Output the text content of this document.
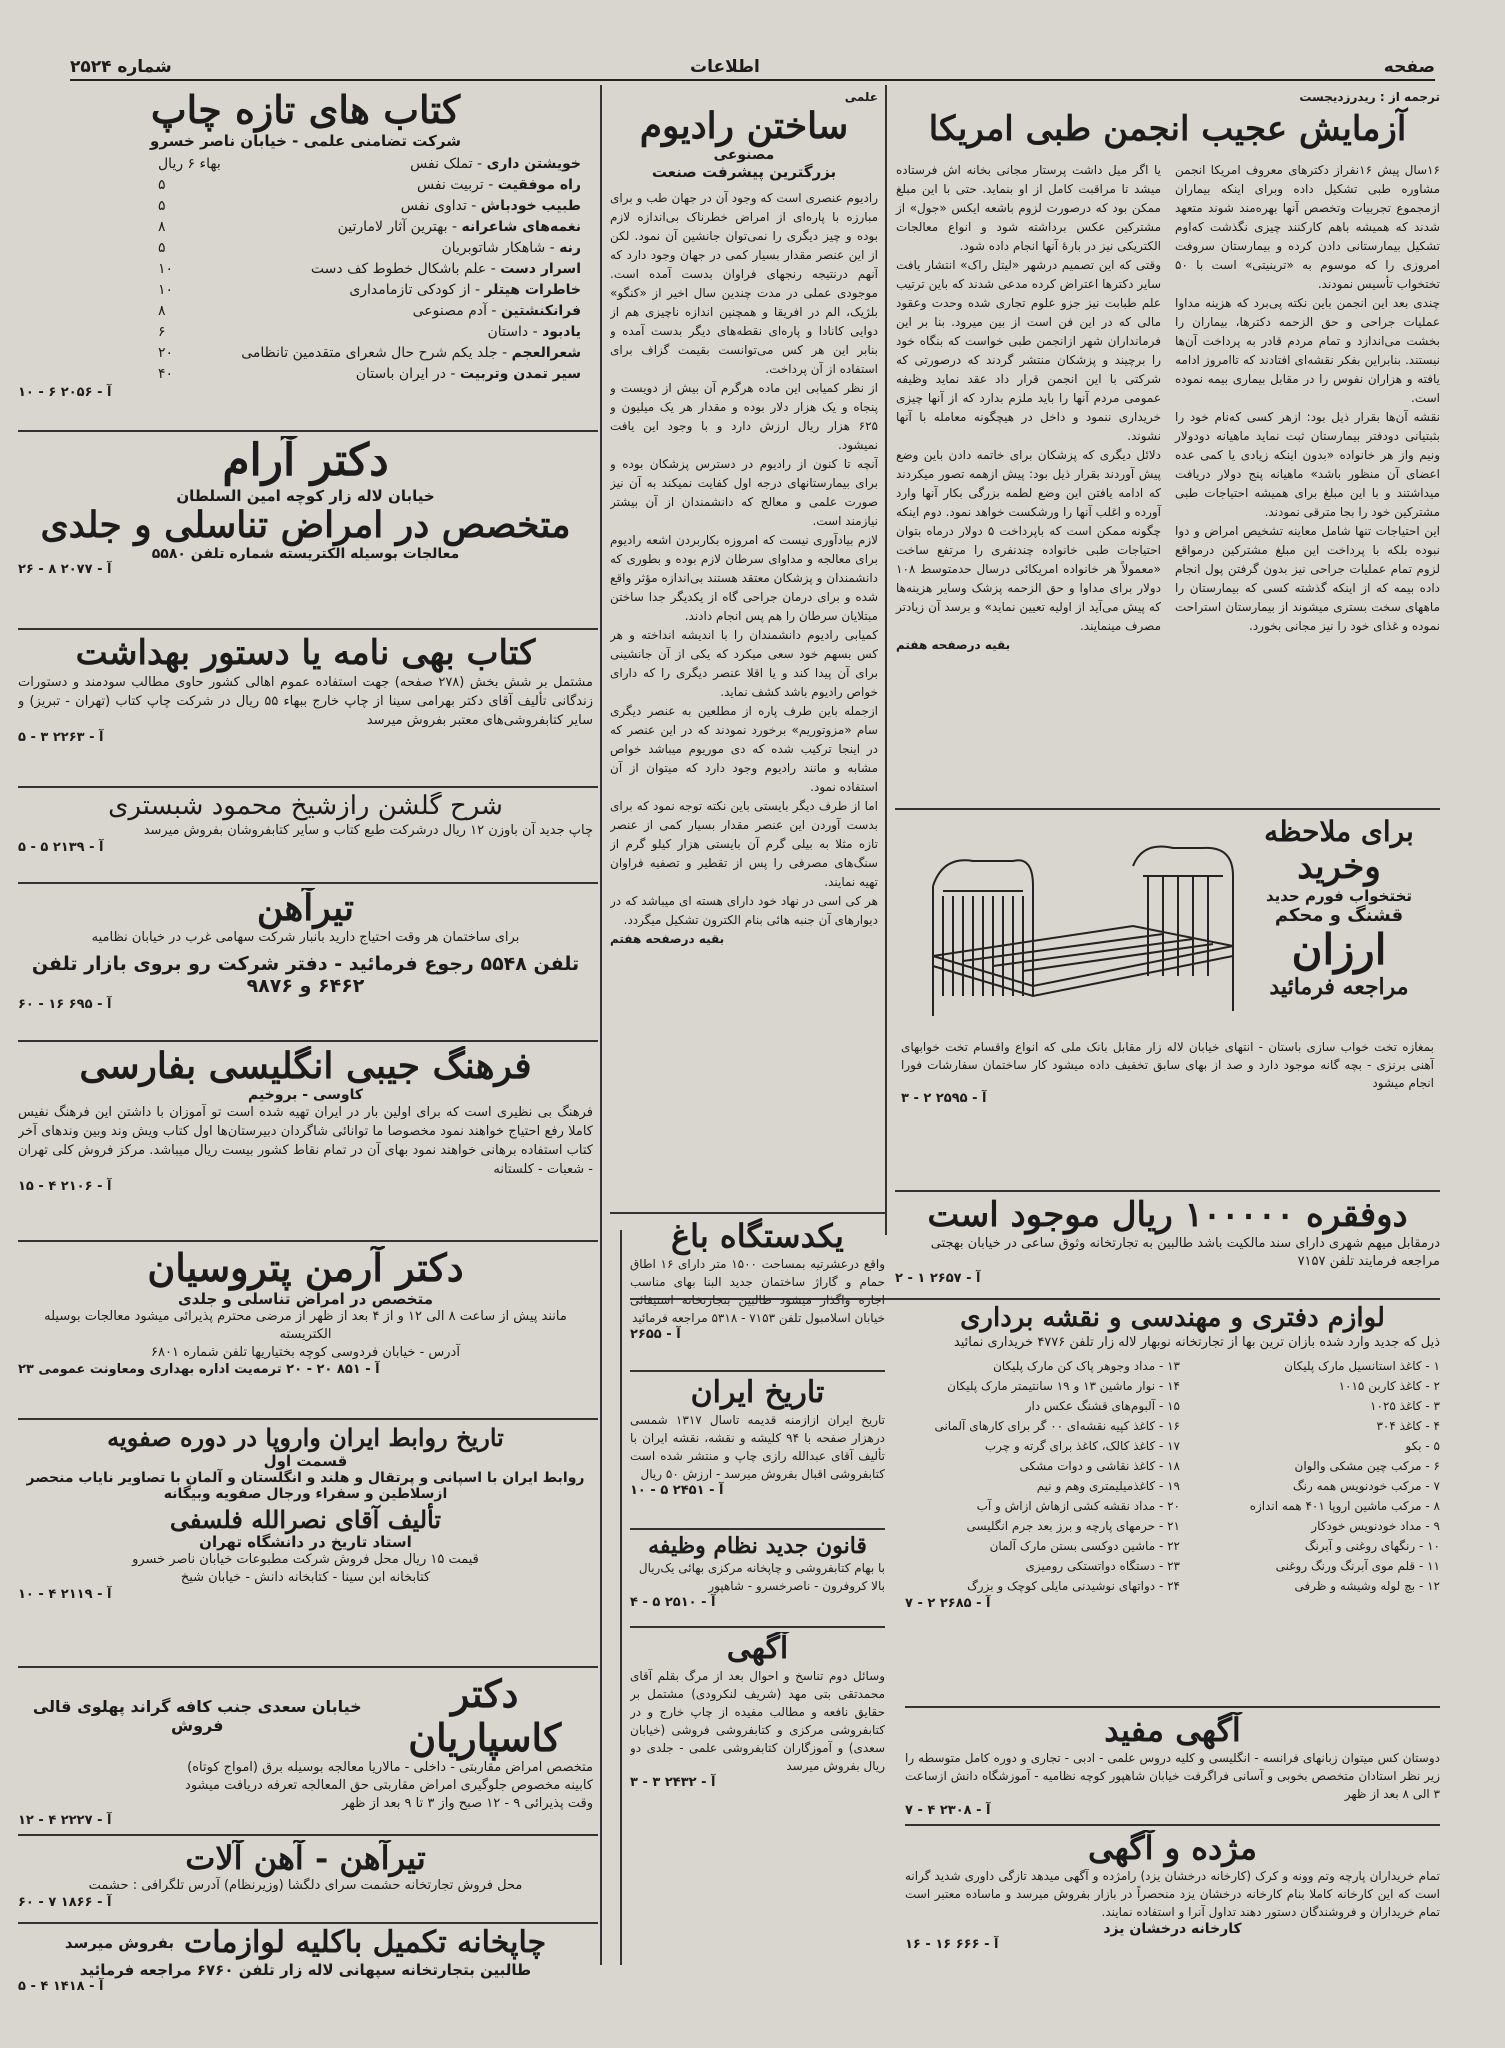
صفحه
اطلاعات
شماره ۲۵۲۴
ترجمه از : ریدرزدیجست
آزمایش عجیب انجمن طبی امریکا
۱۶سال پیش ۱۶نفراز دکترهای معروف امریکا انجمن مشاوره طبی تشکیل داده وبرای اینکه بیماران ازمجموع تجربیات وتخصص آنها بهره‌مند شوند متعهد شدند که همیشه باهم کارکنند چیزی نگذشت که‌اوم تشکیل بیمارستانی دادن کرده و بیمارستان سروفت امروزی را که موسوم به «ترینیتی» است با ۵۰ تختخواب تأسیس نمودند.
چندی بعد این انجمن باین نکته پی‌برد که هزینه مداوا عملیات جراحی و حق الزحمه دکترها، بیماران را بخشت می‌اندازد و تمام مردم قادر به پرداخت آن‌ها نیستند. بنابراین بفکر نقشه‌ای افتادند که تاامروز ادامه یافته و هزاران نفوس را در مقابل بیماری بیمه نموده است.
نقشه آن‌ها بقرار ذیل بود: ازهر کسی که‌نام خود را بثبتیانی دودفتر بیمارستان ثبت نماید ماهیانه دودولار ونیم واز هر خانواده «بدون اینکه زیادی یا کمی عده اعضای آن منظور باشد» ماهیانه پنج دولار دریافت میداشتند و با این مبلغ برای همیشه احتیاجات طبی مشترکین خود را بجا مترقی نمودند.
این احتیاجات تنها شامل معاینه تشخیص امراض و دوا نبوده بلکه با پرداخت این مبلغ مشترکین درمواقع لزوم تمام عملیات جراحی نیز بدون گرفتن پول انجام داده بیمه که از اینکه گذشته کسی که بیمارستان را ماههای سخت بستری میشوند از بیمارستان استراحت نموده و غذای خود را نیز مجانی بخورد.
یا اگر میل داشت پرستار مجانی بخانه اش فرستاده میشد تا مراقبت کامل از او بنماید. حتی با این مبلغ ممکن بود که درصورت لزوم باشعه ایکس «جول» از مشترکین عکس برداشته شود و انواع معالجات الکتریکی نیز در بارهٔ آنها انجام داده شود.
وقتی که این تصمیم درشهر «لیتل راک» انتشار یافت سایر دکترها اعتراض کرده مدعی شدند که باین ترتیب علم طبابت نیز جزو علوم تجاری شده وحدت وعقود مالی که در این فن است از بین میرود. بنا بر این فرمانداران شهر ازانجمن طبی خواست که بنگاه خود را برچیند و پزشکان منتشر گردند که درصورتی که شرکتی با این انجمن قرار داد عقد نماید وظیفه عمومی مردم آنها را باید ملزم بدارد که از آنها چیزی خریداری ننمود و داخل در هیچگونه معامله با آنها نشوند.
دلائل دیگری که پزشکان برای خاتمه دادن باین وضع پیش آوردند بقرار ذیل بود: پیش ازهمه تصور میکردند که ادامه یافتن این وضع لطمه بزرگی بکار آنها وارد آورده و اغلب آنها را ورشکست خواهد نمود. دوم اینکه چگونه ممکن است که باپرداخت ۵ دولار درماه بتوان احتیاجات طبی خانواده چندنفری را مرتفع ساخت «معمولاً هر خانواده امریکائی درسال حدمتوسط ۱۰۸ دولار برای مداوا و حق الزحمه پزشک وسایر هزینه‌ها که پیش می‌آید از اولیه تعیین نماید» و برسد آن زیادتر مصرف مینمایند.
بقیه درصفحه هفتم
علمی
ساختن رادیوم
مصنوعی
بزرگترین پیشرفت صنعت
رادیوم عنصری است که وجود آن در جهان طب و برای مبارزه با پاره‌ای از امراض خطرناک بی‌اندازه لازم بوده و چیز دیگری را نمی‌توان جانشین آن نمود. لکن از این عنصر مقدار بسیار کمی در جهان وجود دارد که آنهم درنتیجه رنجهای فراوان بدست آمده است. موجودی عملی در مدت چندین سال اخیر از «کنگو» بلژیک، الم در افریقا و همچنین اندازه ناچیزی هم از دوایی کانادا و پاره‌ای نقطه‌های دیگر بدست آمده و بنابر این هر کس می‌توانست بقیمت گزاف برای استفاده از آن پرداخت.
از نظر کمیابی این ماده هرگرم آن بیش از دویست و پنجاه و یک هزار دلار بوده و مقدار هر یک میلیون و ۶۲۵ هزار ریال ارزش دارد و با وجود این یافت نمیشود.
آنچه تا کنون از رادیوم در دسترس پزشکان بوده و برای بیمارستانهای درجه اول کفایت نمیکند به آن نیز صورت علمی و معالج که دانشمندان از آن بیشتر نیازمند است.
لازم بیادآوری نیست که امروزه بکاربردن اشعه رادیوم برای معالجه و مداوای سرطان لازم بوده و بطوری که دانشمندان و پزشکان معتقد هستند بی‌اندازه مؤثر واقع شده و برای درمان جراحی گاه از یکدیگر جدا ساختن مبتلایان سرطان را هم پس انجام دادند.
کمیابی رادیوم دانشمندان را با اندیشه انداخته و هر کس بسهم خود سعی میکرد که یکی از آن جانشینی برای آن پیدا کند و یا اقلا عنصر دیگری را که دارای خواص رادیوم باشد کشف نماید.
ازجمله باین طرف پاره از مطلعین به عنصر دیگری سام «مزوتوریم» برخورد نمودند که در این عنصر که در اینجا ترکیب شده که دی موریوم میباشد خواص مشابه و مانند رادیوم وجود دارد که میتوان از آن استفاده نمود.
اما از طرف دیگر بایستی باین نکته توجه نمود که برای بدست آوردن این عنصر مقدار بسیار کمی از عنصر تازه مثلا به بیلی گرم آن بایستی هزار کیلو گرم از سنگ‌های مصرفی را پس از تقطیر و تصفیه فراوان تهیه نمایند.
هر کی اسی در نهاد خود دارای هسته ای میباشد که در دیوارهای آن جنبه هائی بنام الکترون تشکیل میگردد.
بقیه درصفحه هفتم
کتاب های تازه چاپ
شرکت تضامنی علمی - خیابان ناصر خسرو
خویشتن داری - تملک نفس
بهاء ۶ ریال
راه موفقیت - تربیت نفس
۵
طبیب خودباش - تداوی نفس
۵
نغمه‌های شاعرانه - بهترین آثار لامارتین
۸
رنه - شاهکار شاتوبریان
۵
اسرار دست - علم باشکال خطوط کف دست
۱۰
خاطرات هیتلر - از کودکی تازمامداری
۱۰
فرانکنشتین - آدم مصنوعی
۸
یادبود - داستان
۶
شعرالعجم - جلد یکم شرح حال شعرای متقدمین تانظامی
۲۰
سیر تمدن وتربیت - در ایران باستان
۴۰
آ - ۲۰۵۶ ۶ - ۱۰
دکتر آرام
خیابان لاله زار کوچه امین السلطان
متخصص در امراض تناسلی و جلدی
معالجات بوسیله الکتریسته شماره تلفن ۵۵۸۰
آ - ۲۰۷۷ ۸ - ۲۶
کتاب بهی نامه یا دستور بهداشت
مشتمل بر شش بخش (۲۷۸ صفحه) جهت استفاده عموم اهالی کشور حاوی مطالب سودمند و دستورات زندگانی تألیف آقای دکتر بهرامی سینا از چاپ خارج ببهاء ۵۵ ریال در شرکت چاپ کتاب (تهران - تبریز) و سایر کتابفروشی‌های معتبر بفروش میرسد
آ - ۲۲۶۳ ۳ - ۵
شرح گلشن رازشیخ محمود شبستری
چاپ جدید آن باوزن ۱۲ ریال درشرکت طبع کتاب و سایر کتابفروشان بفروش میرسد
آ - ۲۱۳۹ ۵ - ۵
تیرآهن
برای ساختمان هر وقت احتیاج دارید بانبار شرکت سهامی غرب در خیابان نظامیه
تلفن ۵۵۴۸ رجوع فرمائید - دفتر شرکت رو بروی بازار تلفن ۶۴۶۲ و ۹۸۷۶
آ - ۶۹۵ ۱۶ - ۶۰
فرهنگ جیبی انگلیسی بفارسی
کاوسی - بروخیم
فرهنگ بی نظیری است که برای اولین بار در ایران تهیه شده است تو آموزان با داشتن این فرهنگ نفیس کاملا رفع احتیاج خواهند نمود مخصوصا ما توانائی شاگردان دبیرستان‌ها اول کتاب ویش وند وبین وندهای آخر کتاب استفاده برهانی خواهند نمود بهای آن در تمام نقاط کشور بیست ریال میباشد. مرکز فروش کلی تهران - شعبات - کلستانه
آ - ۲۱۰۶ ۴ - ۱۵
دکتر آرمن پتروسیان
متخصص در امراض تناسلی و جلدی
مانند پیش از ساعت ۸ الی ۱۲ و از ۴ بعد از ظهر از مرضی محترم پذیرائی میشود معالجات بوسیله الکتریسته
آدرس - خیابان فردوسی کوچه بختیاریها تلفن شماره ۶۸۰۱
آ - ۸۵۱ ۲۰ - ۲۰ ترمه‌یت اداره بهداری ومعاونت عمومی ۲۳
تاریخ روابط ایران واروپا در دوره صفویه
قسمت اول
روابط ایران با اسپانی و پرتقال و هلند و انگلستان و آلمان با تصاویر نایاب منحصر ازسلاطین و سفراء ورجال صفویه وبیگانه
تألیف آقای نصرالله فلسفی
استاد تاریخ در دانشگاه تهران
قیمت ۱۵ ریال محل فروش شرکت مطبوعات خیابان ناصر خسرو
کتابخانه ابن سینا - کتابخانه دانش - خیابان شیخ
آ - ۲۱۱۹ ۴ - ۱۰
دکتر کاسپاریان
خیابان سعدی جنب کافه گراند پهلوی قالی فروش
متخصص امراض مقاربتی - داخلی - مالاریا معالجه بوسیله برق (امواج کوتاه)
کابینه مخصوص جلوگیری امراض مقاربتی حق المعالجه تعرفه دریافت میشود
وقت پذیرائی ۹ - ۱۲ صبح واز ۳ تا ۹ بعد از ظهر
آ - ۲۲۲۷ ۴ - ۱۲
تیرآهن - آهن آلات
محل فروش تجارتخانه حشمت سرای دلگشا (وزیرنظام) آدرس تلگرافی : حشمت
آ - ۱۸۶۶ ۷ - ۶۰
چاپخانه تکمیل باکلیه لوازمات
بفروش میرسد
طالبین بتجارتخانه سپهانی لاله زار تلفن ۶۷۶۰ مراجعه فرمائید
آ - ۱۴۱۸ ۴ - ۵
برای ملاحظه
وخرید
تختخواب فورم حدید
قشنگ و محکم
ارزان
مراجعه فرمائید
بمغازه تخت خواب سازی باستان - انتهای خیابان لاله زار مقابل بانک ملی که انواع واقسام تخت خوابهای آهنی برنزی - بچه گانه موجود دارد و صد از بهای سابق تخفیف داده میشود کار ساختمان سفارشات فورا انجام میشود
آ - ۲۵۹۵ ۲ - ۳
دوفقره ۱۰۰۰۰۰ ریال موجود است
درمقابل میهم شهری دارای سند مالکیت باشد طالبین به تجارتخانه وثوق ساعی در خیابان بهجتی مراجعه فرمایند تلفن ۷۱۵۷
آ - ۲۶۵۷ ۱ - ۲
لوازم دفتری و مهندسی و نقشه برداری
ذیل که جدید وارد شده بازان ترین بها از تجارتخانه نوبهار لاله زار تلفن ۴۷۷۶ خریداری نمائید
۱ - کاغذ استانسیل مارک پلیکان
۲ - کاغذ کاربن ۱۰۱۵
۳ - کاغذ ۱۰۲۵
۴ - کاغذ ۳۰۴
۵ - بکو
۶ - مرکب چین مشکی والوان
۷ - مرکب خودنویس همه رنگ
۸ - مرکب ماشین اروپا ۴۰۱ همه اندازه
۹ - مداد خودنویس خودکار
۱۰ - رنگهای روغنی و آبرنگ
۱۱ - قلم موی آبرنگ ورنگ روغنی
۱۲ - بچ لوله وشیشه و ظرفی
۱۳ - مداد وجوهر پاک کن مارک پلیکان
۱۴ - نوار ماشین ۱۳ و ۱۹ سانتیمتر مارک پلیکان
۱۵ - آلبوم‌های قشنگ عکس دار
۱۶ - کاغذ کپیه نقشه‌ای ۰۰ گر برای کارهای آلمانی
۱۷ - کاغذ کالک، کاغذ برای گرته و چرب
۱۸ - کاغذ نقاشی و دوات مشکی
۱۹ - کاغذمیلیمتری وهم و نیم
۲۰ - مداد نقشه کشی ازهاش ازاش و آب
۲۱ - حرمهای پارچه و برز بعد جرم انگلیسی
۲۲ - ماشین دوکسی بستن مارک آلمان
۲۳ - دستگاه دواتستکی رومیزی
۲۴ - دواتهای نوشیدنی مایلی کوچک و بزرگ
آ - ۲۶۸۵ ۲ - ۷
آگهی مفید
دوستان کس میتوان زبانهای فرانسه - انگلیسی و کلیه دروس علمی - ادبی - تجاری و دوره کامل متوسطه را زیر نظر استادان متخصص بخوبی و آسانی فراگرفت خیابان شاهپور کوچه نظامیه - آموزشگاه دانش ازساعت ۳ الی ۸ بعد از ظهر
آ - ۲۳۰۸ ۴ - ۷
مژده و آگهی
تمام خریداران پارچه وتم وونه و کرک (کارخانه درخشان یزد) رامژده و آگهی میدهد تازگی داوری شدید گرانه است که این کارخانه کاملا بنام کارخانه درخشان یزد منحصراً در بازار بفروش میرسد و ماساده معتبر است تمام خریداران و فروشندگان دستور دهند تداول آنرا و استفاده نمایند.
کارخانه درخشان یزد
آ - ۶۶۶ ۱۶ - ۱۶
یکدستگاه باغ
واقع درعشرتیه بمساحت ۱۵۰۰ متر دارای ۱۶ اطاق حمام و گاراژ ساختمان جدید البنا بهای مناسب اجاره واگذار میشود طالبین بتجارتخانه استیفائی خیابان اسلامبول تلفن ۷۱۵۳ - ۵۳۱۸ مراجعه فرمائید
آ - ۲۶۵۵
تاریخ ایران
تاریخ ایران ازازمنه قدیمه تاسال ۱۳۱۷ شمسی درهزار صفحه با ۹۴ کلیشه و نقشه، نقشه ایران با تألیف آقای عبدالله رازی چاپ و منتشر شده است کتابفروشی اقبال بفروش میرسد - ارزش ۵۰ ریال
آ - ۲۴۵۱ ۵ - ۱۰
قانون جدید نظام وظیفه
با بهام کتابفروشی و چاپخانه مرکزی بهائی یک‌ریال بالا کروفرون - ناصرخسرو - شاهپور
آ - ۲۵۱۰ ۵ - ۴
آگهی
وسائل دوم تناسخ و احوال بعد از مرگ بقلم آقای محمدتقی بتی مهد (شریف لنکرودی) مشتمل بر حقایق نافعه و مطالب مفیده از چاپ خارج و در کتابفروشی مرکزی و کتابفروشی فروشی (خیابان سعدی) و آموزگاران کتابفروشی علمی - جلدی دو ریال بفروش میرسد
آ - ۲۴۳۲ ۳ - ۳
